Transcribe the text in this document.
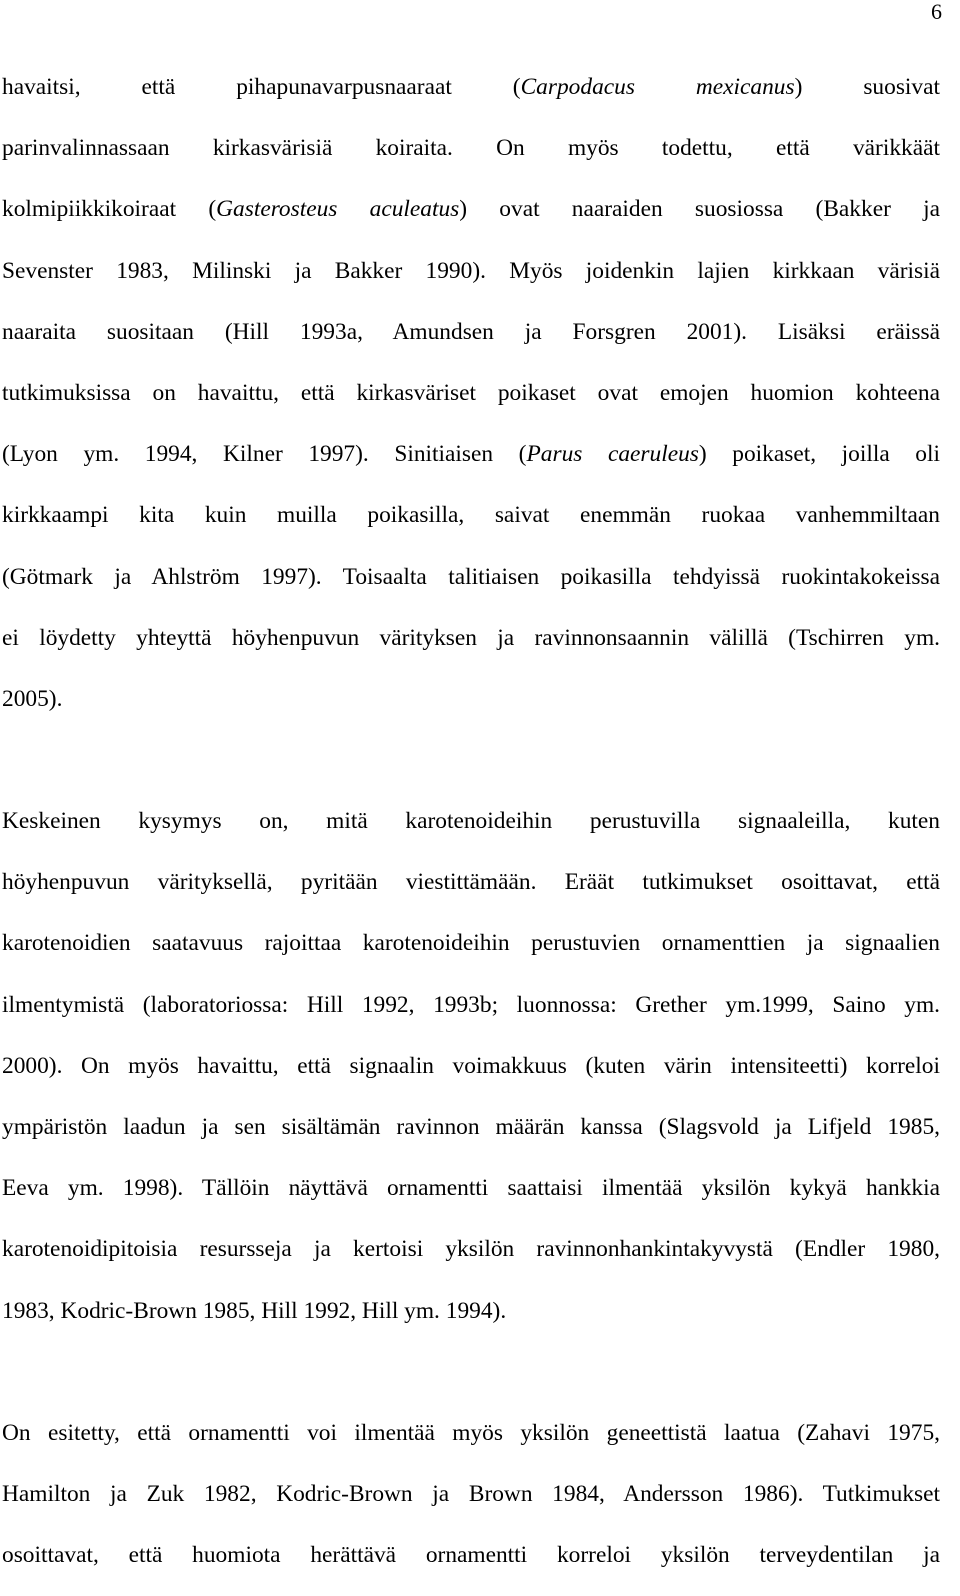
6
havaitsi, että pihapunavarpusnaaraat (Carpodacus mexicanus) suosivat
parinvalinnassaan kirkasvärisiä koiraita. On myös todettu, että värikkäät
kolmipiikkikoiraat (Gasterosteus aculeatus) ovat naaraiden suosiossa (Bakker ja
Sevenster 1983, Milinski ja Bakker 1990). Myös joidenkin lajien kirkkaan värisiä
naaraita suositaan (Hill 1993a, Amundsen ja Forsgren 2001). Lisäksi eräissä
tutkimuksissa on havaittu, että kirkasväriset poikaset ovat emojen huomion kohteena
(Lyon ym. 1994, Kilner 1997). Sinitiaisen (Parus caeruleus) poikaset, joilla oli
kirkkaampi kita kuin muilla poikasilla, saivat enemmän ruokaa vanhemmiltaan
(Götmark ja Ahlström 1997). Toisaalta talitiaisen poikasilla tehdyissä ruokintakokeissa
ei löydetty yhteyttä höyhenpuvun värityksen ja ravinnonsaannin välillä (Tschirren ym.
2005).
Keskeinen kysymys on, mitä karotenoideihin perustuvilla signaaleilla, kuten
höyhenpuvun värityksellä, pyritään viestittämään. Eräät tutkimukset osoittavat, että
karotenoidien saatavuus rajoittaa karotenoideihin perustuvien ornamenttien ja signaalien
ilmentymistä (laboratoriossa: Hill 1992, 1993b; luonnossa: Grether ym.1999, Saino ym.
2000). On myös havaittu, että signaalin voimakkuus (kuten värin intensiteetti) korreloi
ympäristön laadun ja sen sisältämän ravinnon määrän kanssa (Slagsvold ja Lifjeld 1985,
Eeva ym. 1998). Tällöin näyttävä ornamentti saattaisi ilmentää yksilön kykyä hankkia
karotenoidipitoisia resursseja ja kertoisi yksilön ravinnonhankintakyvystä (Endler 1980,
1983, Kodric-Brown 1985, Hill 1992, Hill ym. 1994).
On esitetty, että ornamentti voi ilmentää myös yksilön geneettistä laatua (Zahavi 1975,
Hamilton ja Zuk 1982, Kodric-Brown ja Brown 1984, Andersson 1986). Tutkimukset
osoittavat, että huomiota herättävä ornamentti korreloi yksilön terveydentilan ja
